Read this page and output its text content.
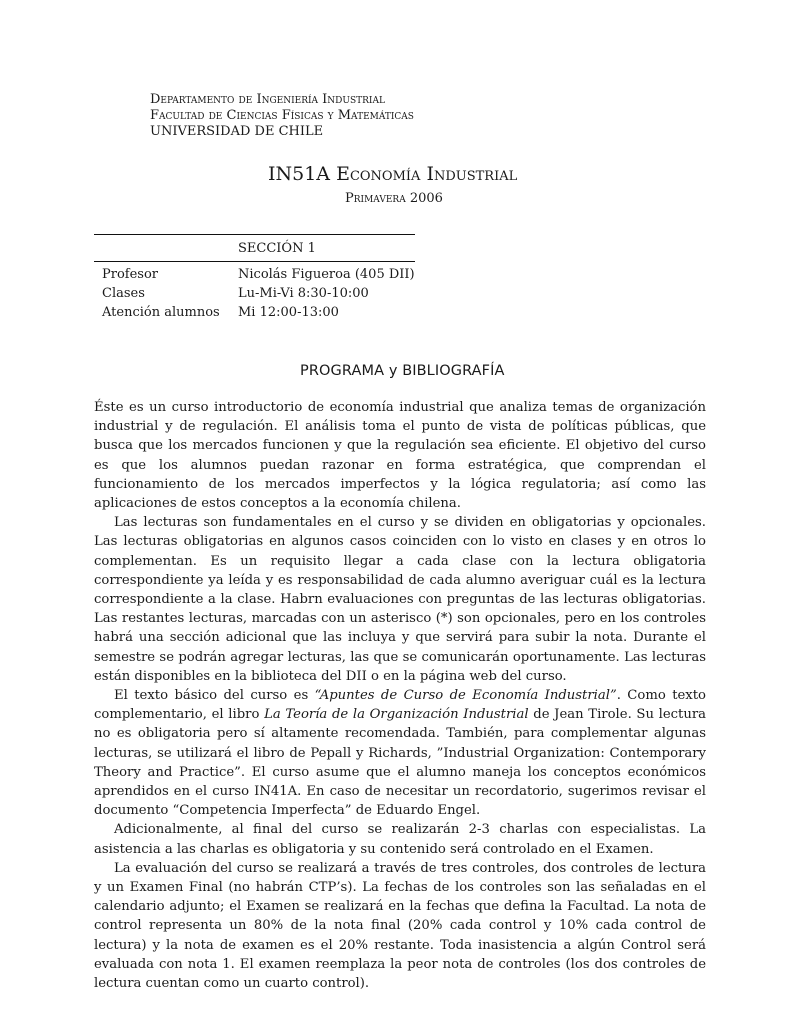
Departamento de Ingeniería Industrial
Facultad de Ciencias Físicas y Matemáticas
UNIVERSIDAD DE CHILE
IN51A Economía Industrial
Primavera 2006
SECCIÓN 1
Profesor	Nicolás Figueroa (405 DII)
Clases	Lu-Mi-Vi 8:30-10:00
Atención alumnos	Mi 12:00-13:00
PROGRAMA y BIBLIOGRAFÍA

Éste es un curso introductorio de economía industrial que analiza temas de organización industrial y de regulación. El análisis toma el punto de vista de políticas públicas, que busca que los mercados funcionen y que la regulación sea eficiente. El objetivo del curso es que los alumnos puedan razonar en forma estratégica, que comprendan el funcionamiento de los mercados imperfectos y la lógica regulatoria; así como las aplicaciones de estos conceptos a la economía chilena.

Las lecturas son fundamentales en el curso y se dividen en obligatorias y opcionales. Las lecturas obligatorias en algunos casos coinciden con lo visto en clases y en otros lo complementan. Es un requisito llegar a cada clase con la lectura obligatoria correspondiente ya leída y es responsabilidad de cada alumno averiguar cuál es la lectura correspondiente a la clase. Habrn evaluaciones con preguntas de las lecturas obligatorias. Las restantes lecturas, marcadas con un asterisco (*) son opcionales, pero en los controles habrá una sección adicional que las incluya y que servirá para subir la nota. Durante el semestre se podrán agregar lecturas, las que se comunicarán oportunamente. Las lecturas están disponibles en la biblioteca del DII o en la página web del curso.

El texto básico del curso es “Apuntes de Curso de Economía Industrial”. Como texto complementario, el libro La Teoría de la Organización Industrial de Jean Tirole. Su lectura no es obligatoria pero sí altamente recomendada. También, para complementar algunas lecturas, se utilizará el libro de Pepall y Richards, ”Industrial Organization: Contemporary Theory and Practice”. El curso asume que el alumno maneja los conceptos económicos aprendidos en el curso IN41A. En caso de necesitar un recordatorio, sugerimos revisar el documento “Competencia Imperfecta” de Eduardo Engel.

Adicionalmente, al final del curso se realizarán 2-3 charlas con especialistas. La asistencia a las charlas es obligatoria y su contenido será controlado en el Examen.

La evaluación del curso se realizará a través de tres controles, dos controles de lectura y un Examen Final (no habrán CTP’s). La fechas de los controles son las señaladas en el calendario adjunto; el Examen se realizará en la fechas que defina la Facultad. La nota de control representa un 80% de la nota final (20% cada control y 10% cada control de lectura) y la nota de examen es el 20% restante. Toda inasistencia a algún Control será evaluada con nota 1. El examen reemplaza la peor nota de controles (los dos controles de lectura cuentan como un cuarto control).
